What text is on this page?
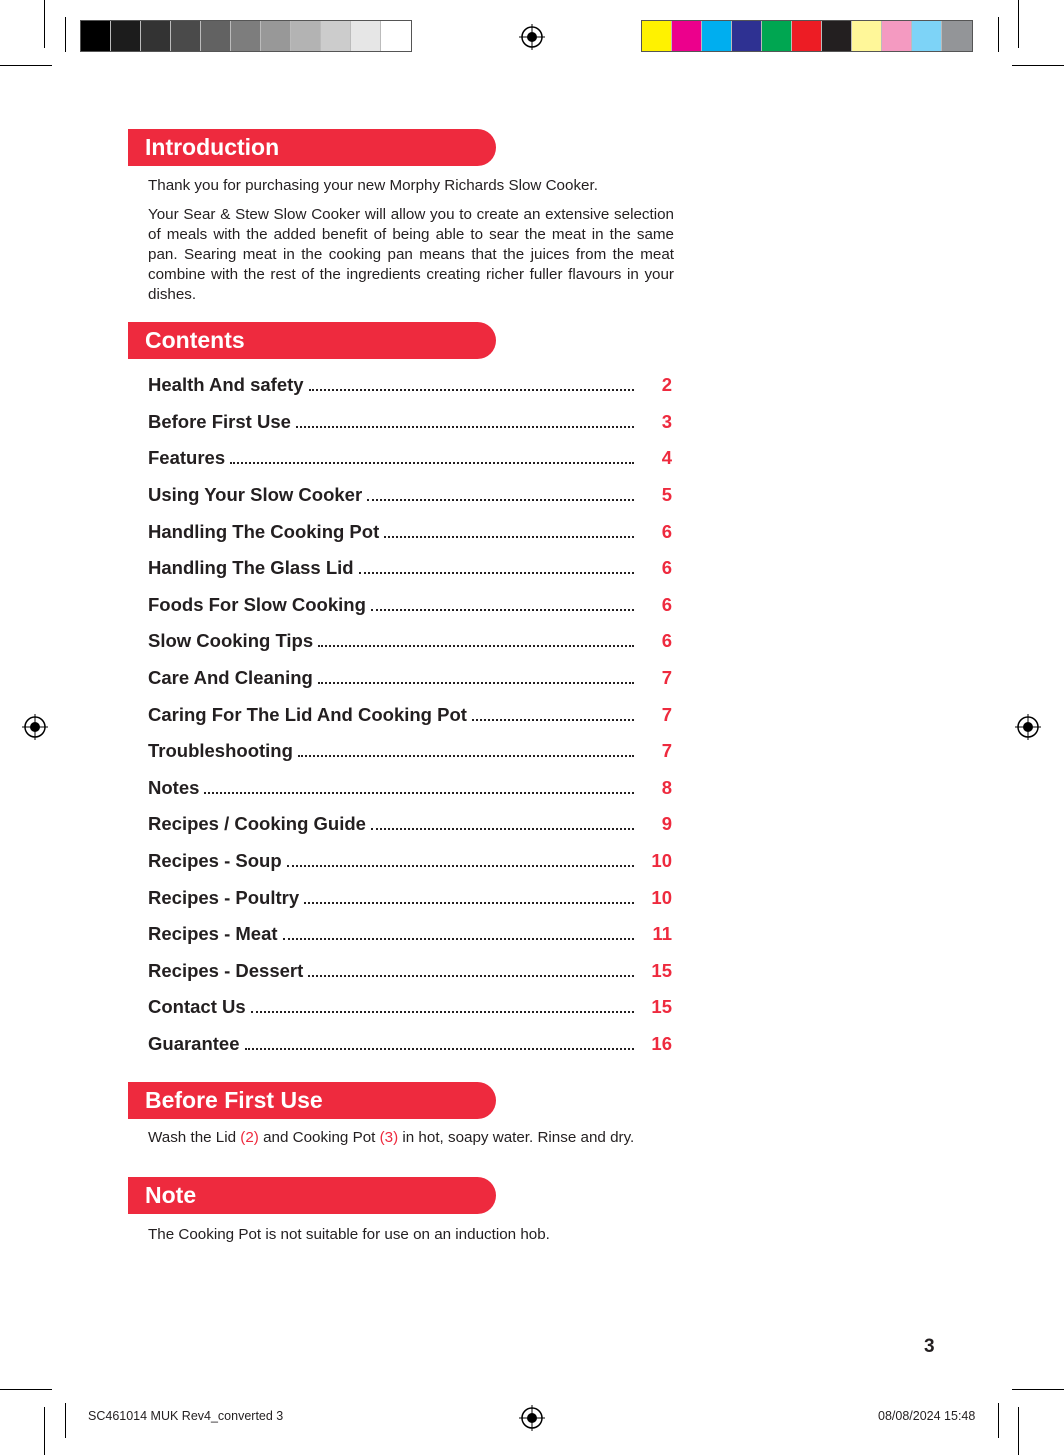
Introduction
Thank you for purchasing your new Morphy Richards Slow Cooker.
Your Sear & Stew Slow Cooker will allow you to create an extensive selection of meals with the added benefit of being able to sear the meat in the same pan. Searing meat in the cooking pan means that the juices from the meat combine with the rest of the ingredients creating richer fuller flavours in your dishes.
Contents
Health And safety	2
Before First Use	3
Features	4
Using Your Slow Cooker	5
Handling The Cooking Pot	6
Handling The Glass Lid	6
Foods For Slow Cooking	6
Slow Cooking Tips	6
Care And Cleaning	7
Caring For The Lid And Cooking Pot	7
Troubleshooting	7
Notes	8
Recipes / Cooking Guide	9
Recipes - Soup	10
Recipes - Poultry	10
Recipes - Meat	11
Recipes - Dessert	15
Contact Us	15
Guarantee	16
Before First Use
Wash the Lid (2) and Cooking Pot (3) in hot, soapy water. Rinse and dry.
Note
The Cooking Pot is not suitable for use on an induction hob.
3
SC461014 MUK Rev4_converted 3	08/08/2024 15:48
